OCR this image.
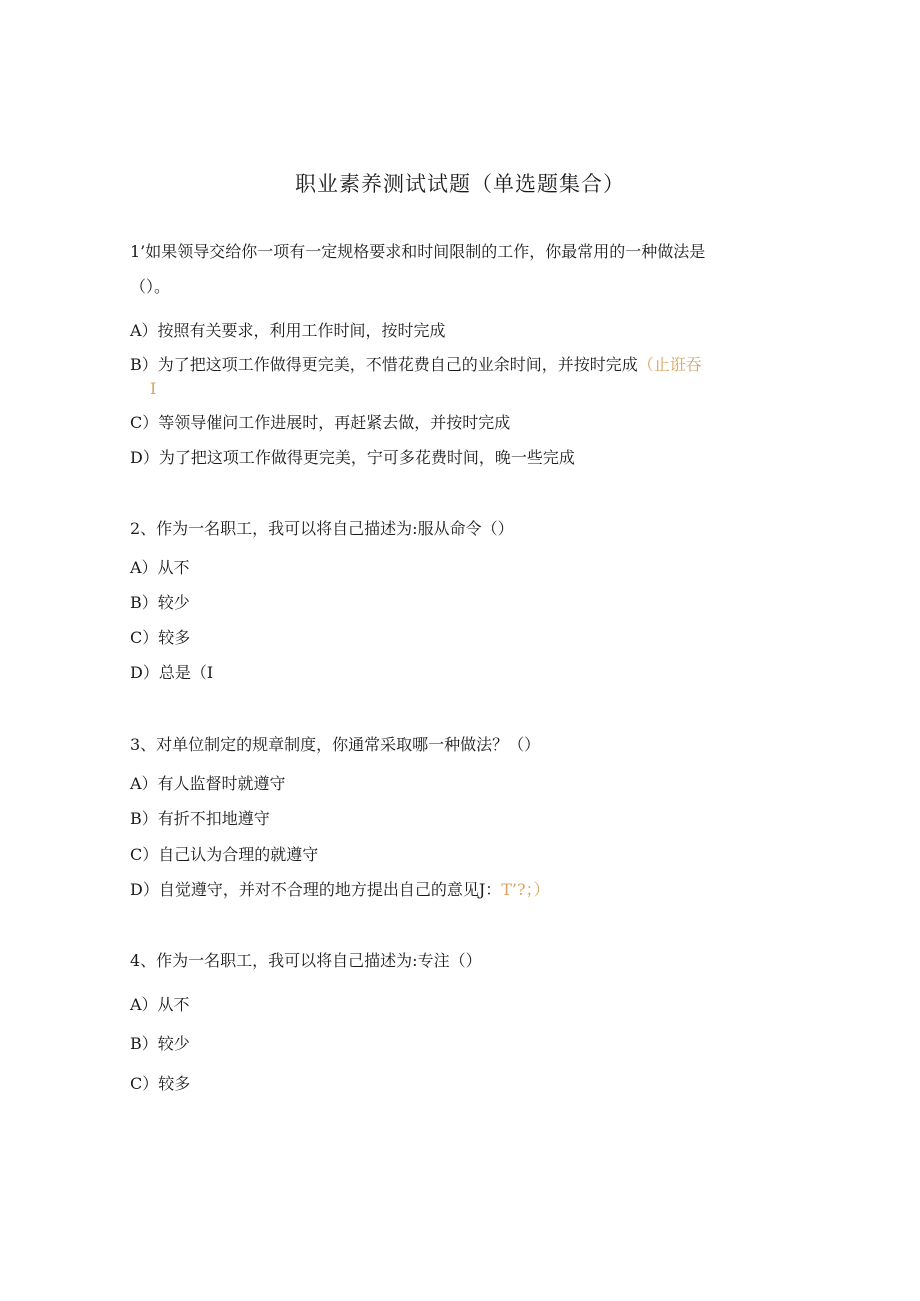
职业素养测试试题（单选题集合）
1’如果领导交给你一项有一定规格要求和时间限制的工作，你最常用的一种做法是
（）。
A）按照有关要求，利用工作时间，按时完成
B）为了把这项工作做得更完美，不惜花费自己的业余时间，并按时完成（止诳吞
I
C）等领导催问工作进展时，再赶紧去做，并按时完成
D）为了把这项工作做得更完美，宁可多花费时间，晚一些完成
2、作为一名职工，我可以将自己描述为:服从命令（）
A）从不
B）较少
C）较多
D）总是（I
3、对单位制定的规章制度，你通常采取哪一种做法？（）
A）有人监督时就遵守
B）有折不扣地遵守
C）自己认为合理的就遵守
D）自觉遵守，并对不合理的地方提出自己的意见J：T’?；）
4、作为一名职工，我可以将自己描述为:专注（）
A）从不
B）较少
C）较多
